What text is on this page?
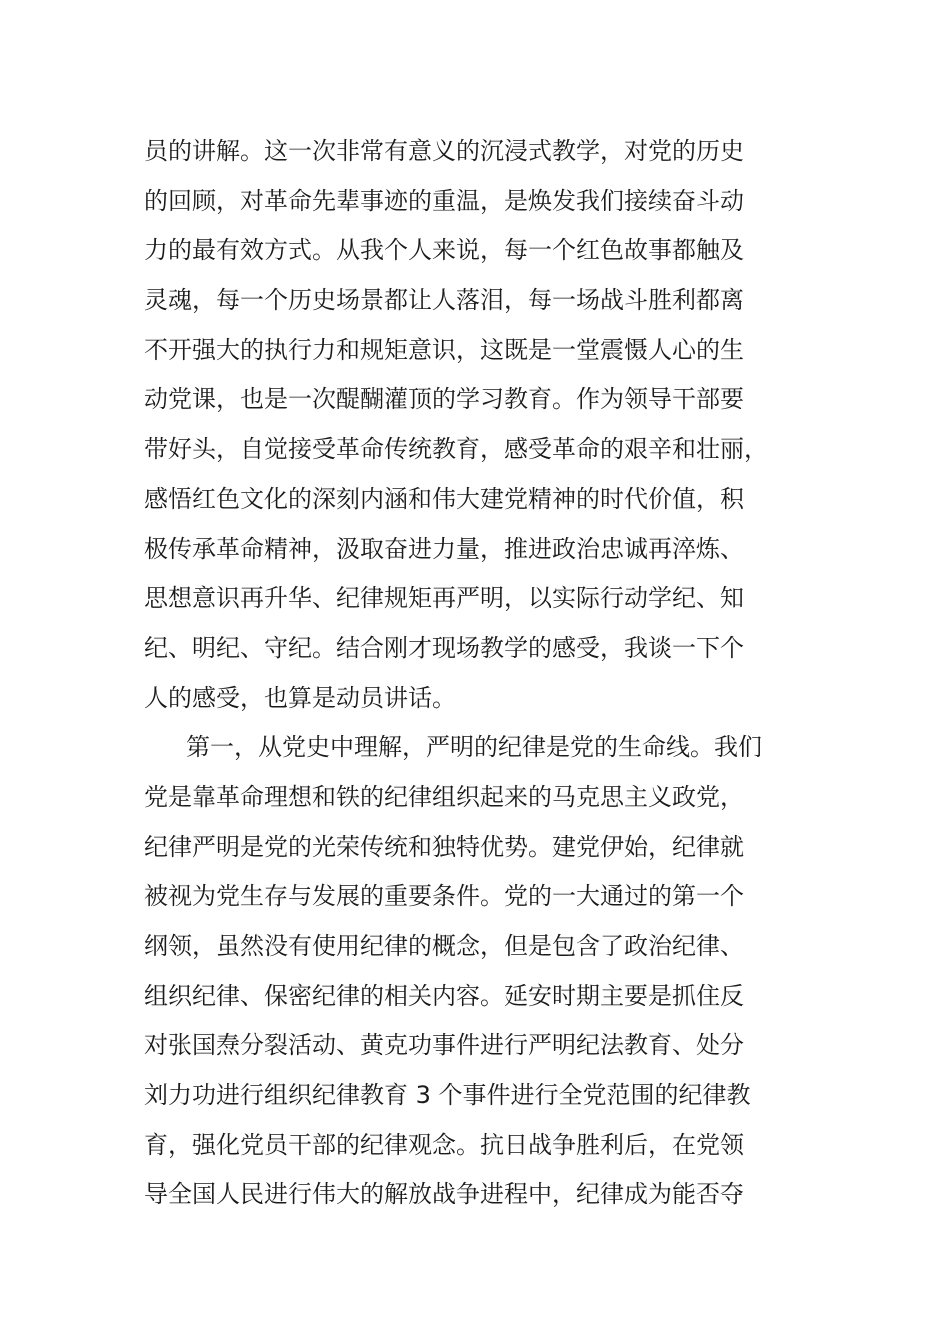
员的讲解。这一次非常有意义的沉浸式教学，对党的历史
的回顾，对革命先辈事迹的重温，是焕发我们接续奋斗动
力的最有效方式。从我个人来说，每一个红色故事都触及
灵魂，每一个历史场景都让人落泪，每一场战斗胜利都离
不开强大的执行力和规矩意识，这既是一堂震慑人心的生
动党课，也是一次醍醐灌顶的学习教育。作为领导干部要
带好头，自觉接受革命传统教育，感受革命的艰辛和壮丽，
感悟红色文化的深刻内涵和伟大建党精神的时代价值，积
极传承革命精神，汲取奋进力量，推进政治忠诚再淬炼、
思想意识再升华、纪律规矩再严明，以实际行动学纪、知
纪、明纪、守纪。结合刚才现场教学的感受，我谈一下个
人的感受，也算是动员讲话。
第一，从党史中理解，严明的纪律是党的生命线。我们
党是靠革命理想和铁的纪律组织起来的马克思主义政党，
纪律严明是党的光荣传统和独特优势。建党伊始，纪律就
被视为党生存与发展的重要条件。党的一大通过的第一个
纲领，虽然没有使用纪律的概念，但是包含了政治纪律、
组织纪律、保密纪律的相关内容。延安时期主要是抓住反
对张国焘分裂活动、黄克功事件进行严明纪法教育、处分
刘力功进行组织纪律教育 3 个事件进行全党范围的纪律教
育，强化党员干部的纪律观念。抗日战争胜利后，在党领
导全国人民进行伟大的解放战争进程中，纪律成为能否夺
